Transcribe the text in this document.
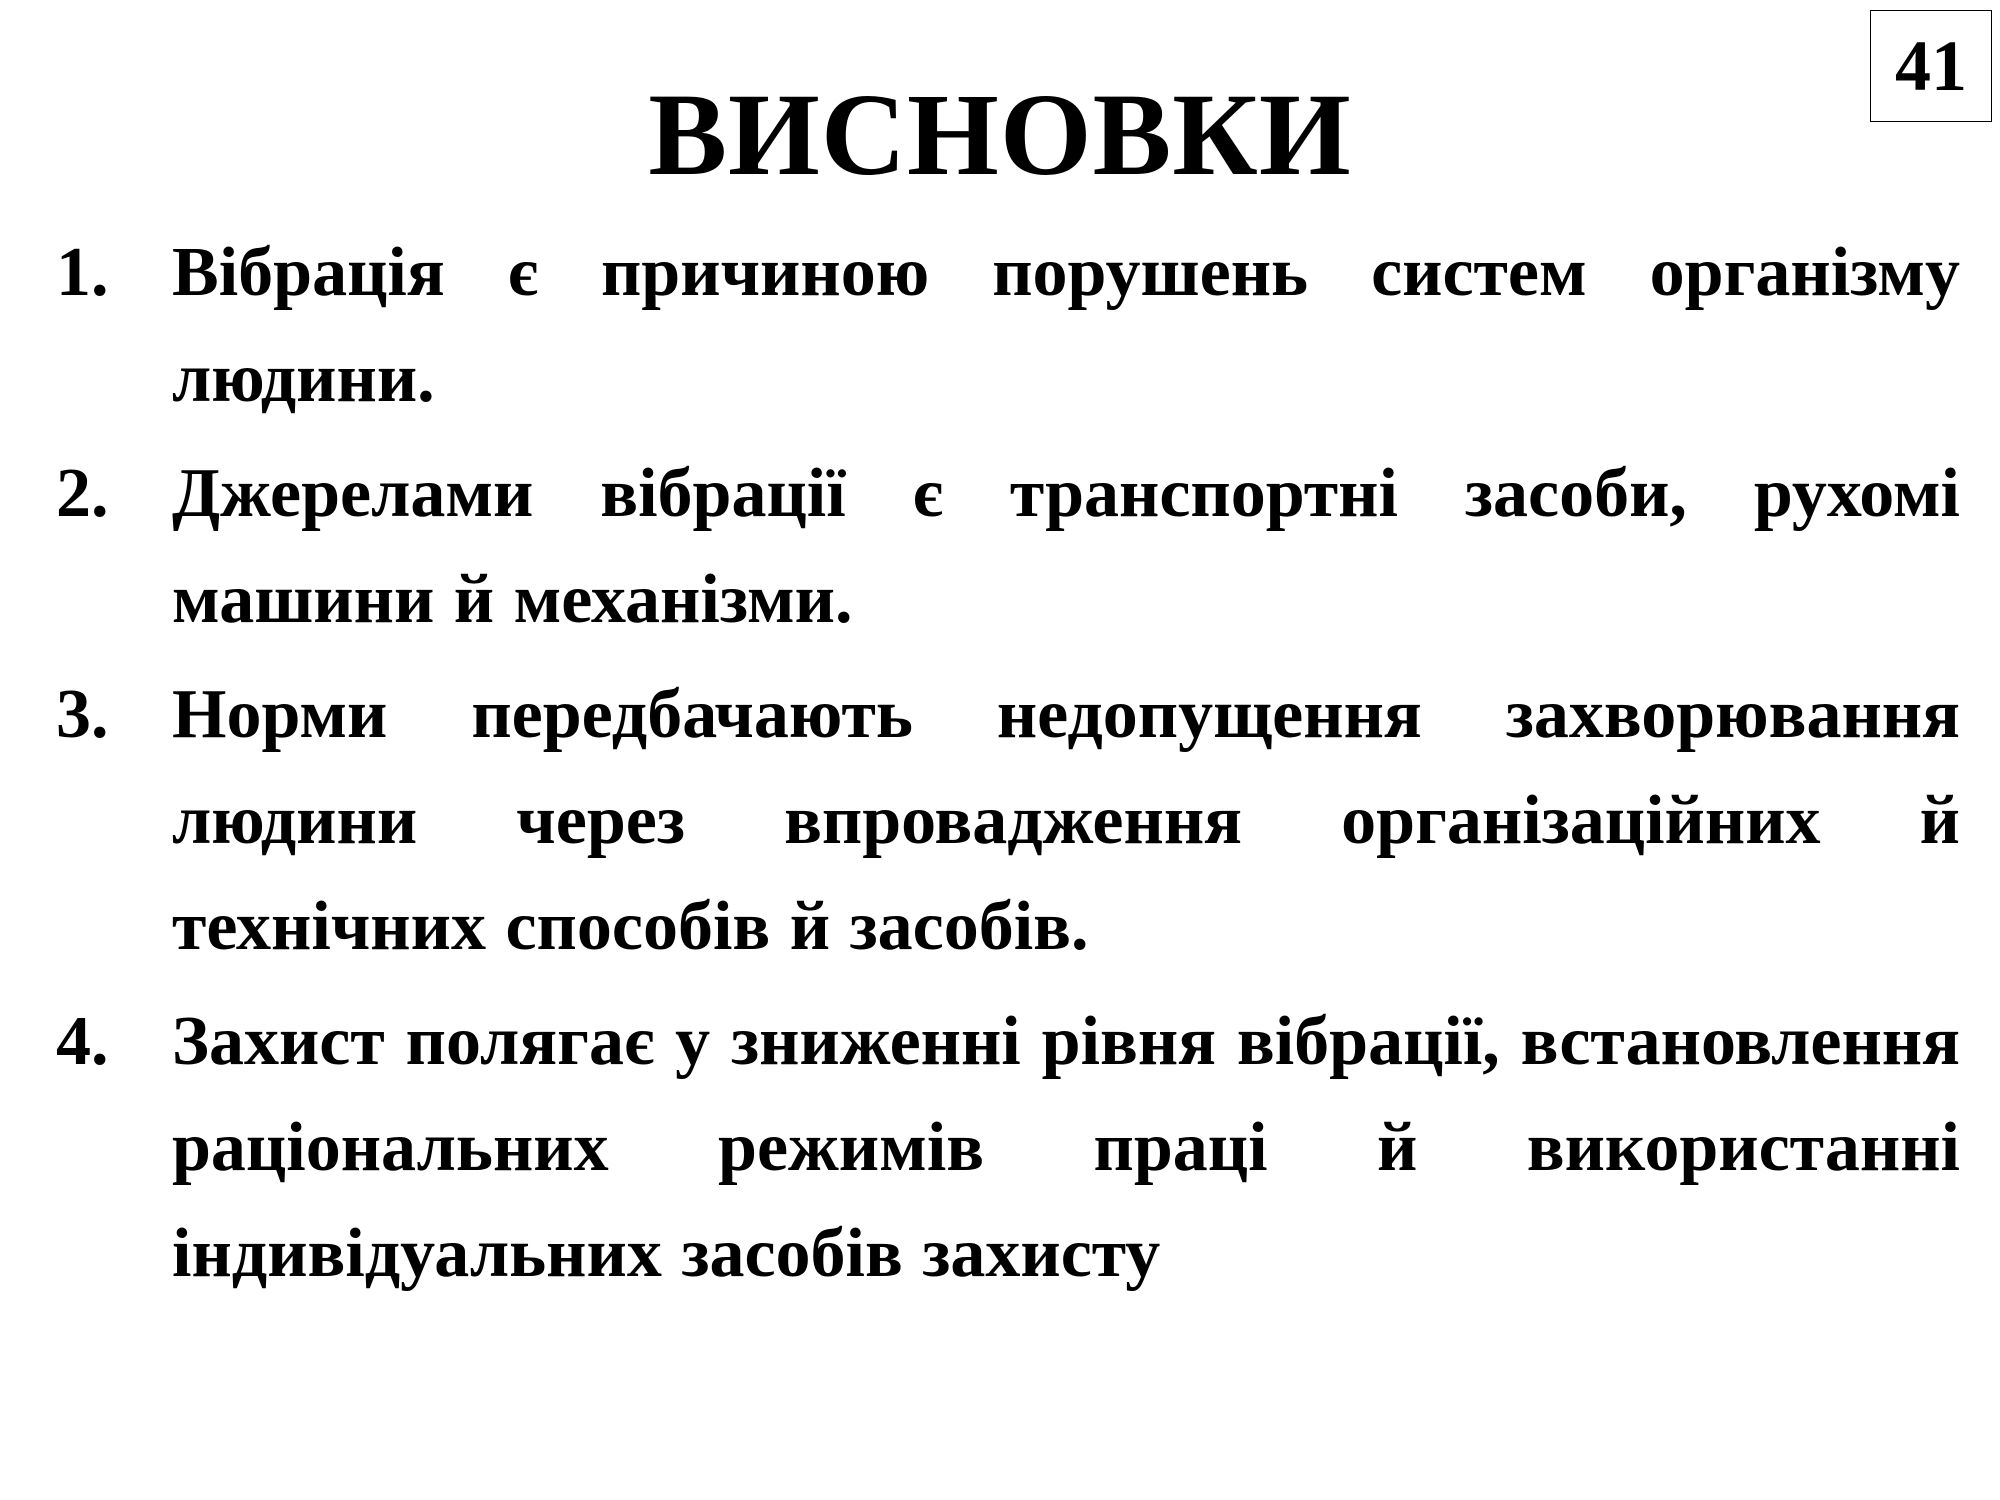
41
ВИСНОВКИ
1. Вібрація є причиною порушень систем організму людини.
2. Джерелами вібрації є транспортні засоби, рухомі машини й механізми.
3. Норми передбачають недопущення захворювання людини через впровадження організаційних й технічних способів й засобів.
4. Захист полягає у зниженні рівня вібрації, встановлення раціональних режимів праці й використанні індивідуальних засобів захисту
